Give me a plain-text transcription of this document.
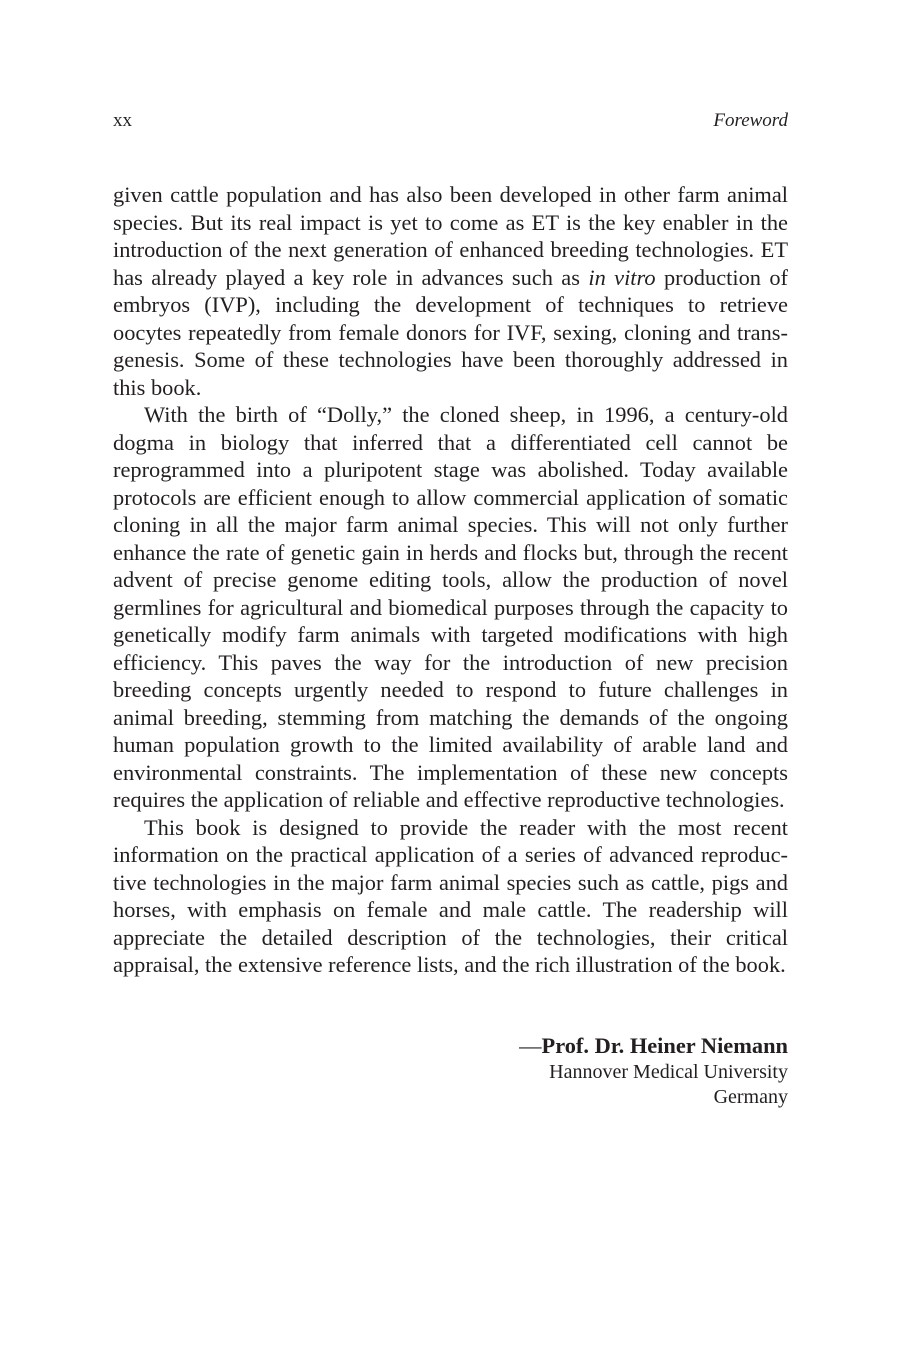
xx	Foreword

given cattle population and has also been developed in other farm animal species. But its real impact is yet to come as ET is the key enabler in the introduction of the next generation of enhanced breeding technologies. ET has already played a key role in advances such as in vitro production of embryos (IVP), including the development of techniques to retrieve oocytes repeatedly from female donors for IVF, sexing, cloning and transgenesis. Some of these technologies have been thoroughly addressed in this book.

With the birth of “Dolly,” the cloned sheep, in 1996, a century-old dogma in biology that inferred that a differentiated cell cannot be reprogrammed into a pluripotent stage was abolished. Today available protocols are efficient enough to allow commercial application of somatic cloning in all the major farm animal species. This will not only further enhance the rate of genetic gain in herds and flocks but, through the recent advent of precise genome editing tools, allow the production of novel germlines for agricultural and biomedical purposes through the capacity to genetically modify farm animals with targeted modifications with high efficiency. This paves the way for the introduction of new precision breeding concepts urgently needed to respond to future challenges in animal breeding, stemming from matching the demands of the ongoing human population growth to the limited availability of arable land and environmental constraints. The implementation of these new concepts requires the application of reliable and effective reproductive technologies.

This book is designed to provide the reader with the most recent information on the practical application of a series of advanced reproductive technologies in the major farm animal species such as cattle, pigs and horses, with emphasis on female and male cattle. The readership will appreciate the detailed description of the technologies, their critical appraisal, the extensive reference lists, and the rich illustration of the book.

—Prof. Dr. Heiner Niemann
Hannover Medical University
Germany
